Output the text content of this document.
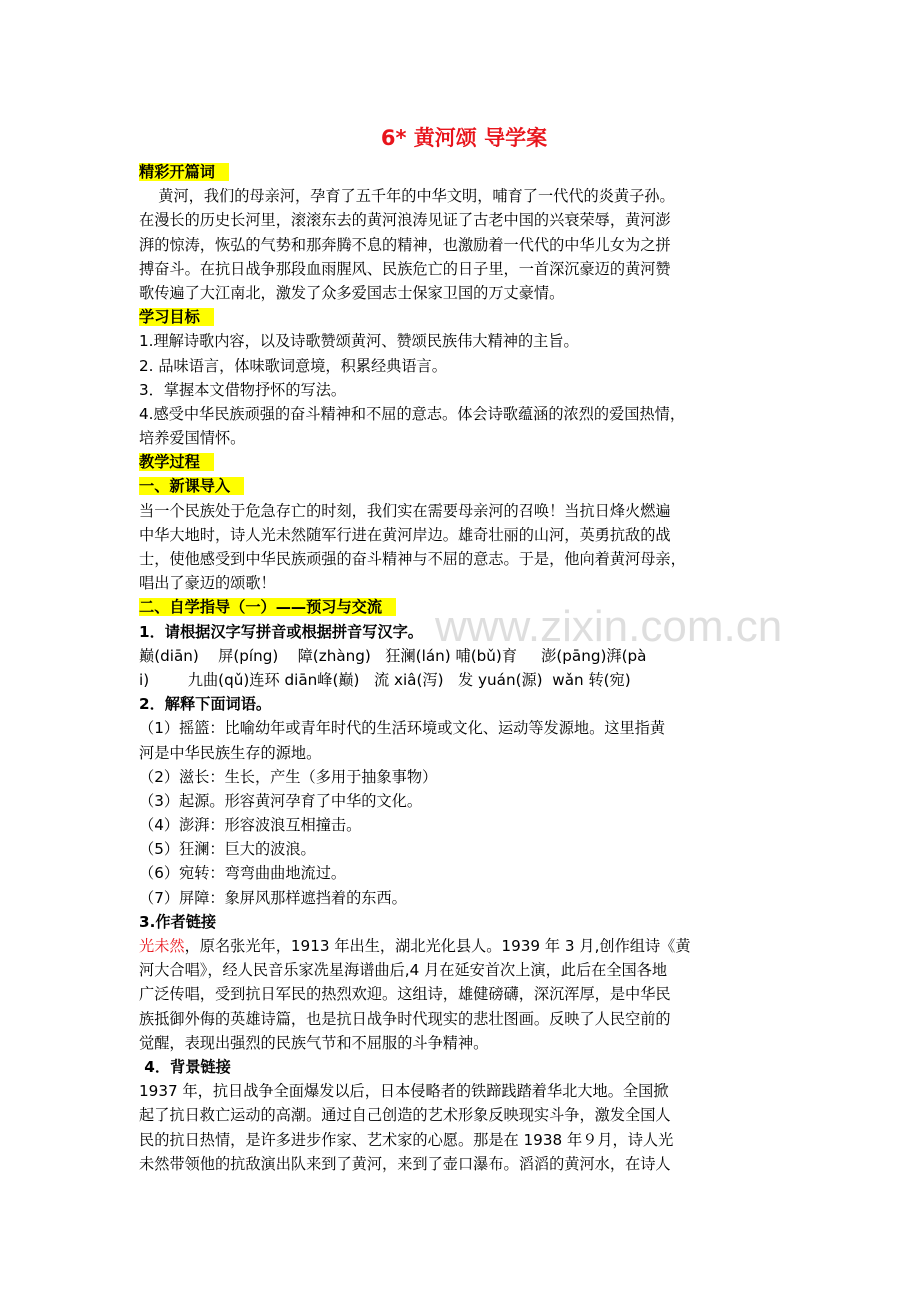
www.zixin.com.cn
6* 黄河颂 导学案
精彩开篇词
黄河，我们的母亲河，孕育了五千年的中华文明，哺育了一代代的炎黄子孙。
在漫长的历史长河里，滚滚东去的黄河浪涛见证了古老中国的兴衰荣辱，黄河澎
湃的惊涛，恢弘的气势和那奔腾不息的精神，也激励着一代代的中华儿女为之拼
搏奋斗。在抗日战争那段血雨腥风、民族危亡的日子里，一首深沉豪迈的黄河赞
歌传遍了大江南北，激发了众多爱国志士保家卫国的万丈豪情。
学习目标
1.理解诗歌内容，以及诗歌赞颂黄河、赞颂民族伟大精神的主旨。
2. 品味语言，体味歌词意境，积累经典语言。
3．掌握本文借物抒怀的写法。
4.感受中华民族顽强的奋斗精神和不屈的意志。体会诗歌蕴涵的浓烈的爱国热情，
培养爱国情怀。
教学过程
一、新课导入
当一个民族处于危急存亡的时刻，我们实在需要母亲河的召唤！当抗日烽火燃遍
中华大地时，诗人光未然随军行进在黄河岸边。雄奇壮丽的山河，英勇抗敌的战
士，使他感受到中华民族顽强的奋斗精神与不屈的意志。于是，他向着黄河母亲，
唱出了豪迈的颂歌！
二、自学指导（一）——预习与交流
1．请根据汉字写拼音或根据拼音写汉字。
巅(diān)    屏(píng)    障(zhàng)   狂澜(lán) 哺(bǔ)育     澎(pāng)湃(pà
i)        九曲(qǔ)连环 diān峰(巅)   流 xiâ(泻)   发 yuán(源)  wǎn 转(宛)
2．解释下面词语。
（1）摇篮：比喻幼年或青年时代的生活环境或文化、运动等发源地。这里指黄
河是中华民族生存的源地。
（2）滋长：生长，产生（多用于抽象事物）
（3）起源。形容黄河孕育了中华的文化。
（4）澎湃：形容波浪互相撞击。
（5）狂澜：巨大的波浪。
（6）宛转：弯弯曲曲地流过。
（7）屏障：象屏风那样遮挡着的东西。
3.作者链接
光未然，原名张光年，1913 年出生，湖北光化县人。1939 年 3 月,创作组诗《黄
河大合唱》，经人民音乐家冼星海谱曲后,4 月在延安首次上演，此后在全国各地
广泛传唱，受到抗日军民的热烈欢迎。这组诗，雄健磅礴，深沉浑厚，是中华民
族抵御外侮的英雄诗篇，也是抗日战争时代现实的悲壮图画。反映了人民空前的
觉醒，表现出强烈的民族气节和不屈服的斗争精神。
4．背景链接
1937 年，抗日战争全面爆发以后，日本侵略者的铁蹄践踏着华北大地。全国掀
起了抗日救亡运动的高潮。通过自己创造的艺术形象反映现实斗争，激发全国人
民的抗日热情，是许多进步作家、艺术家的心愿。那是在 1938 年９月，诗人光
未然带领他的抗敌演出队来到了黄河，来到了壶口瀑布。滔滔的黄河水，在诗人
